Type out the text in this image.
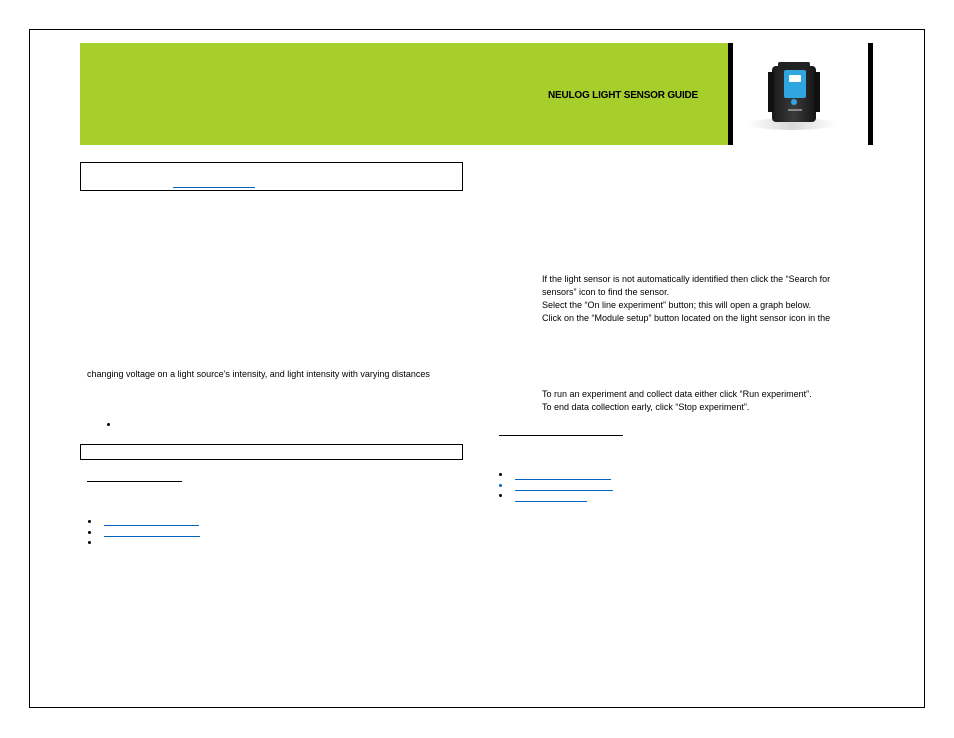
NEULOG LIGHT SENSOR GUIDE
changing voltage on a light source’s intensity, and light intensity with varying distances
If the light sensor is not automatically identified then click the “Search for
sensors” icon to find the sensor.
Select the “On line experiment” button; this will open a graph below.
Click on the “Module setup” button located on the light sensor icon in the
To run an experiment and collect data either click “Run experiment”.
To end data collection early, click “Stop experiment”.
